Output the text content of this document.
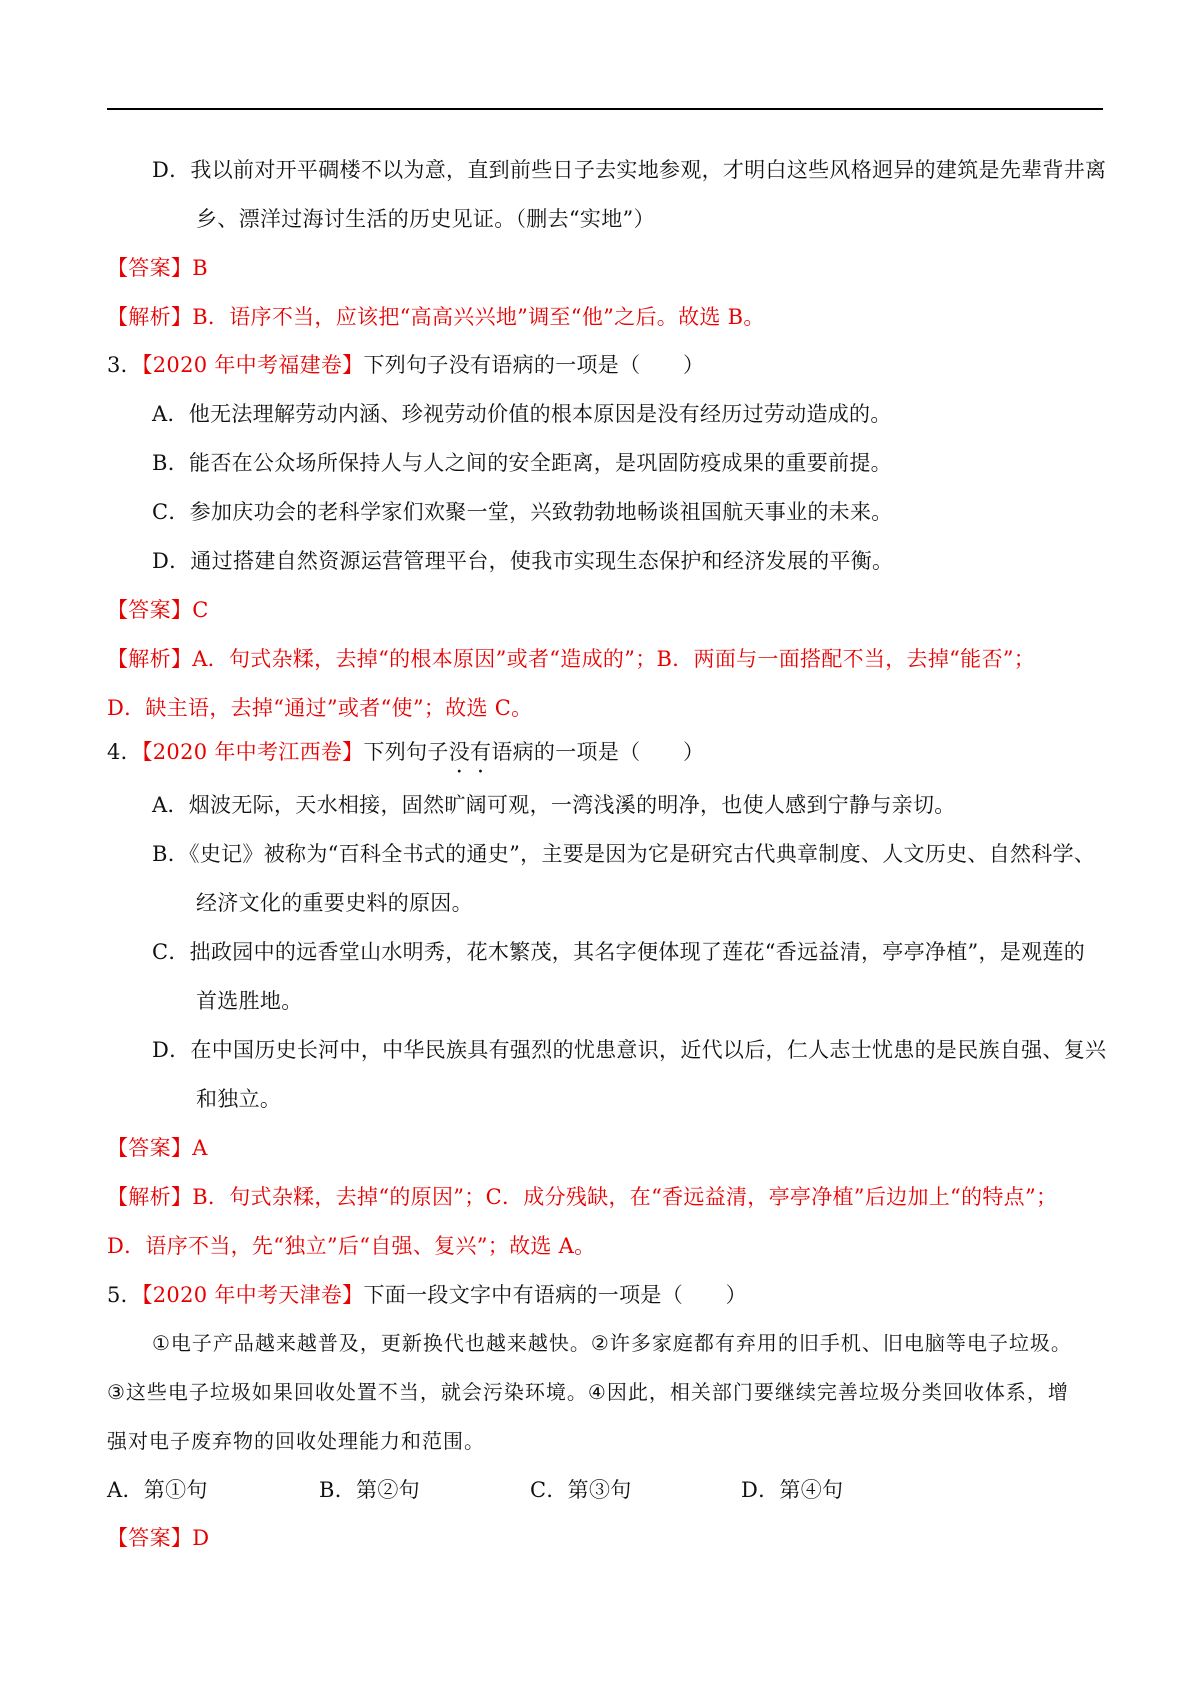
D．我以前对开平碉楼不以为意，直到前些日子去实地参观，才明白这些风格迥异的建筑是先辈背井离
乡、漂洋过海讨生活的历史见证。（删去“实地”）
【答案】B
【解析】B．语序不当，应该把“高高兴兴地”调至“他”之后。故选 B。
3．【2020 年中考福建卷】下列句子没有语病的一项是（　　）
A．他无法理解劳动内涵、珍视劳动价值的根本原因是没有经历过劳动造成的。
B．能否在公众场所保持人与人之间的安全距离，是巩固防疫成果的重要前提。
C．参加庆功会的老科学家们欢聚一堂，兴致勃勃地畅谈祖国航天事业的未来。
D．通过搭建自然资源运营管理平台，使我市实现生态保护和经济发展的平衡。
【答案】C
【解析】A．句式杂糅，去掉“的根本原因”或者“造成的”；B．两面与一面搭配不当，去掉“能否”；
D．缺主语，去掉“通过”或者“使”；故选 C。
4．【2020 年中考江西卷】下列句子没有语病的一项是（　　）
A．烟波无际，天水相接，固然旷阔可观，一湾浅溪的明净，也使人感到宁静与亲切。
B．《史记》被称为“百科全书式的通史”，主要是因为它是研究古代典章制度、人文历史、自然科学、
经济文化的重要史料的原因。
C．拙政园中的远香堂山水明秀，花木繁茂，其名字便体现了莲花“香远益清，亭亭净植”，是观莲的
首选胜地。
D．在中国历史长河中，中华民族具有强烈的忧患意识，近代以后，仁人志士忧患的是民族自强、复兴
和独立。
【答案】A
【解析】B．句式杂糅，去掉“的原因”；C．成分残缺，在“香远益清，亭亭净植”后边加上“的特点”；
D．语序不当，先“独立”后“自强、复兴”；故选 A。
5．【2020 年中考天津卷】下面一段文字中有语病的一项是（　　）
①电子产品越来越普及，更新换代也越来越快。②许多家庭都有弃用的旧手机、旧电脑等电子垃圾。
③这些电子垃圾如果回收处置不当，就会污染环境。④因此，相关部门要继续完善垃圾分类回收体系，增
强对电子废弃物的回收处理能力和范围。
A．第①句	B．第②句	C．第③句	D．第④句
【答案】D
